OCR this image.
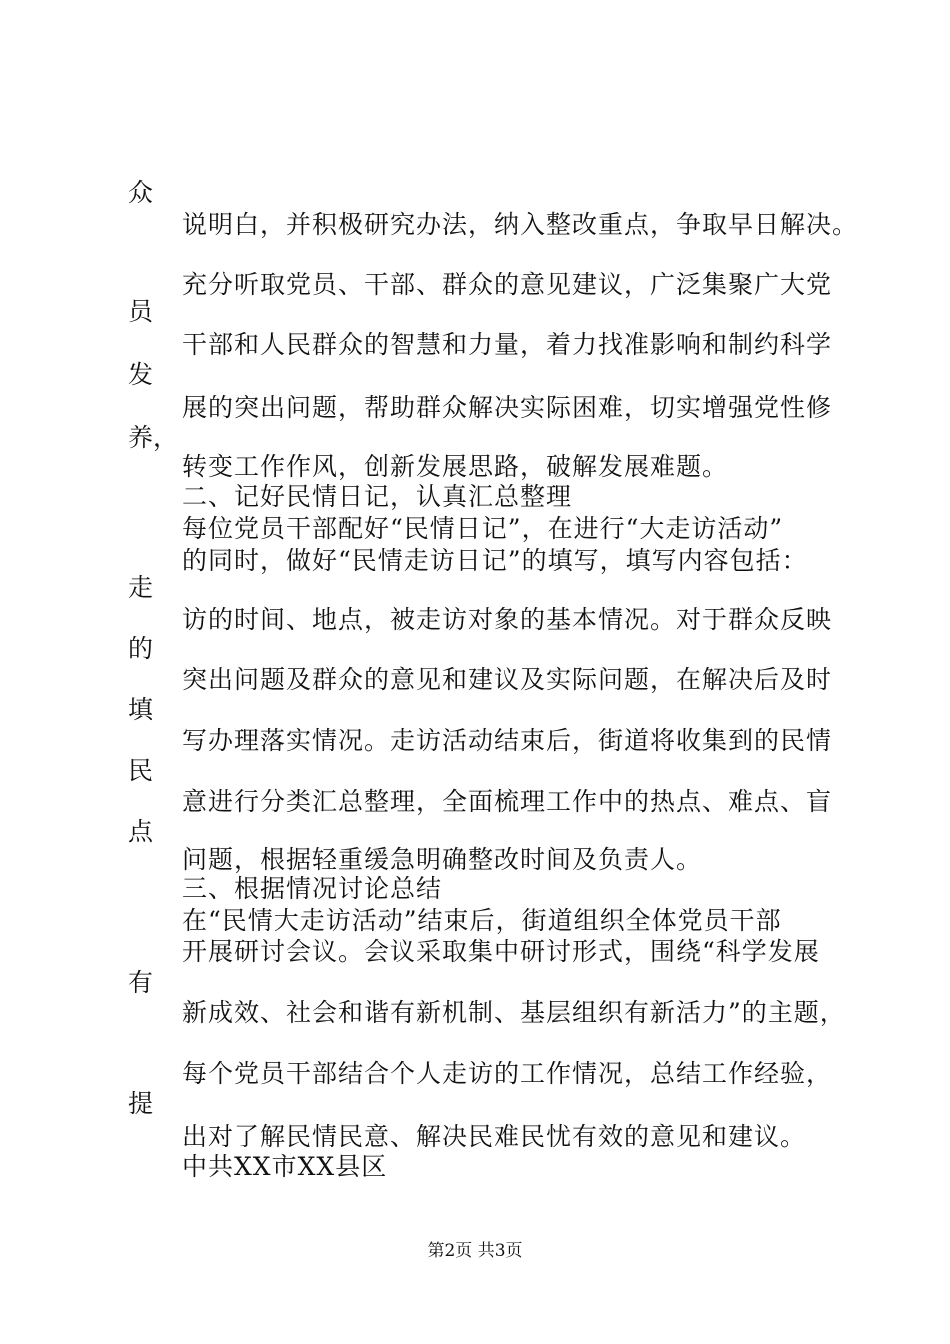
众
员
发
养，
走
的
填
民
点
有
提
说明白，并积极研究办法，纳入整改重点，争取早日解决。
充分听取党员、干部、群众的意见建议，广泛集聚广大党
干部和人民群众的智慧和力量，着力找准影响和制约科学
展的突出问题，帮助群众解决实际困难，切实增强党性修
转变工作作风，创新发展思路，破解发展难题。
二、记好民情日记，认真汇总整理
每位党员干部配好“民情日记”，在进行“大走访活动”
的同时，做好“民情走访日记”的填写，填写内容包括：
访的时间、地点，被走访对象的基本情况。对于群众反映
突出问题及群众的意见和建议及实际问题，在解决后及时
写办理落实情况。走访活动结束后，街道将收集到的民情
意进行分类汇总整理，全面梳理工作中的热点、难点、盲
问题，根据轻重缓急明确整改时间及负责人。
三、根据情况讨论总结
在“民情大走访活动”结束后，街道组织全体党员干部
开展研讨会议。会议采取集中研讨形式，围绕“科学发展
新成效、社会和谐有新机制、基层组织有新活力”的主题，
每个党员干部结合个人走访的工作情况，总结工作经验，
出对了解民情民意、解决民难民忧有效的意见和建议。
中共XX市XX县区
第2页 共3页
